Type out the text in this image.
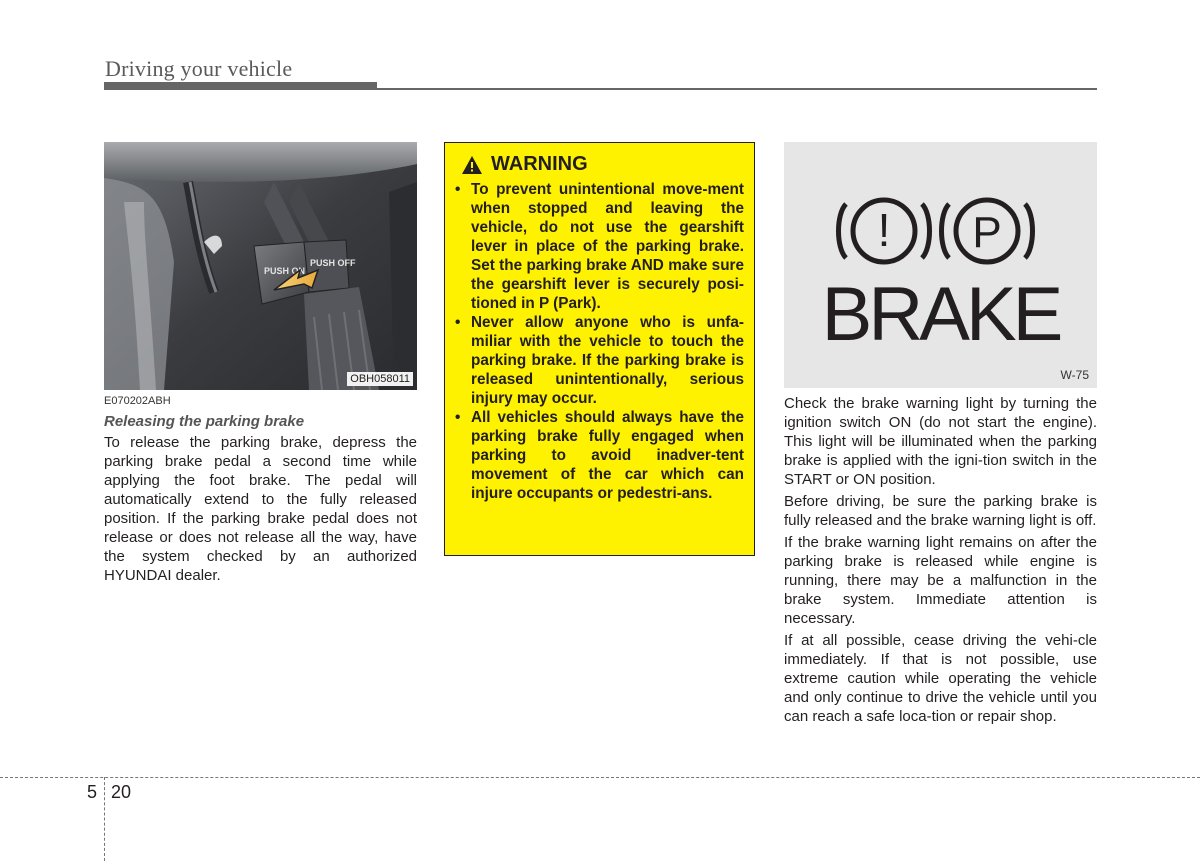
Driving your vehicle
PUSH ON
PUSH OFF
OBH058011
E070202ABH
Releasing the parking brake
To release the parking brake, depress the parking brake pedal a second time while applying the foot brake. The pedal will automatically extend to the fully released position. If the parking brake pedal does not release or does not release all the way, have the system checked by an authorized HYUNDAI dealer.
WARNING
• To prevent unintentional move-ment when stopped and leaving the vehicle, do not use the gearshift lever in place of the parking brake. Set the parking brake AND make sure the gearshift lever is securely posi-tioned in P (Park).
• Never allow anyone who is unfa-miliar with the vehicle to touch the parking brake. If the parking brake is released unintentionally, serious injury may occur.
• All vehicles should always have the parking brake fully engaged when parking to avoid inadver-tent movement of the car which can injure occupants or pedestri-ans.
! P
BRAKE
W-75

Check the brake warning light by turning the ignition switch ON (do not start the engine). This light will be illuminated when the parking brake is applied with the igni-tion switch in the START or ON position.

Before driving, be sure the parking brake is fully released and the brake warning light is off.

If the brake warning light remains on after the parking brake is released while engine is running, there may be a malfunction in the brake system. Immediate attention is necessary.

If at all possible, cease driving the vehi-cle immediately. If that is not possible, use extreme caution while operating the vehicle and only continue to drive the vehicle until you can reach a safe loca-tion or repair shop.

5 20
